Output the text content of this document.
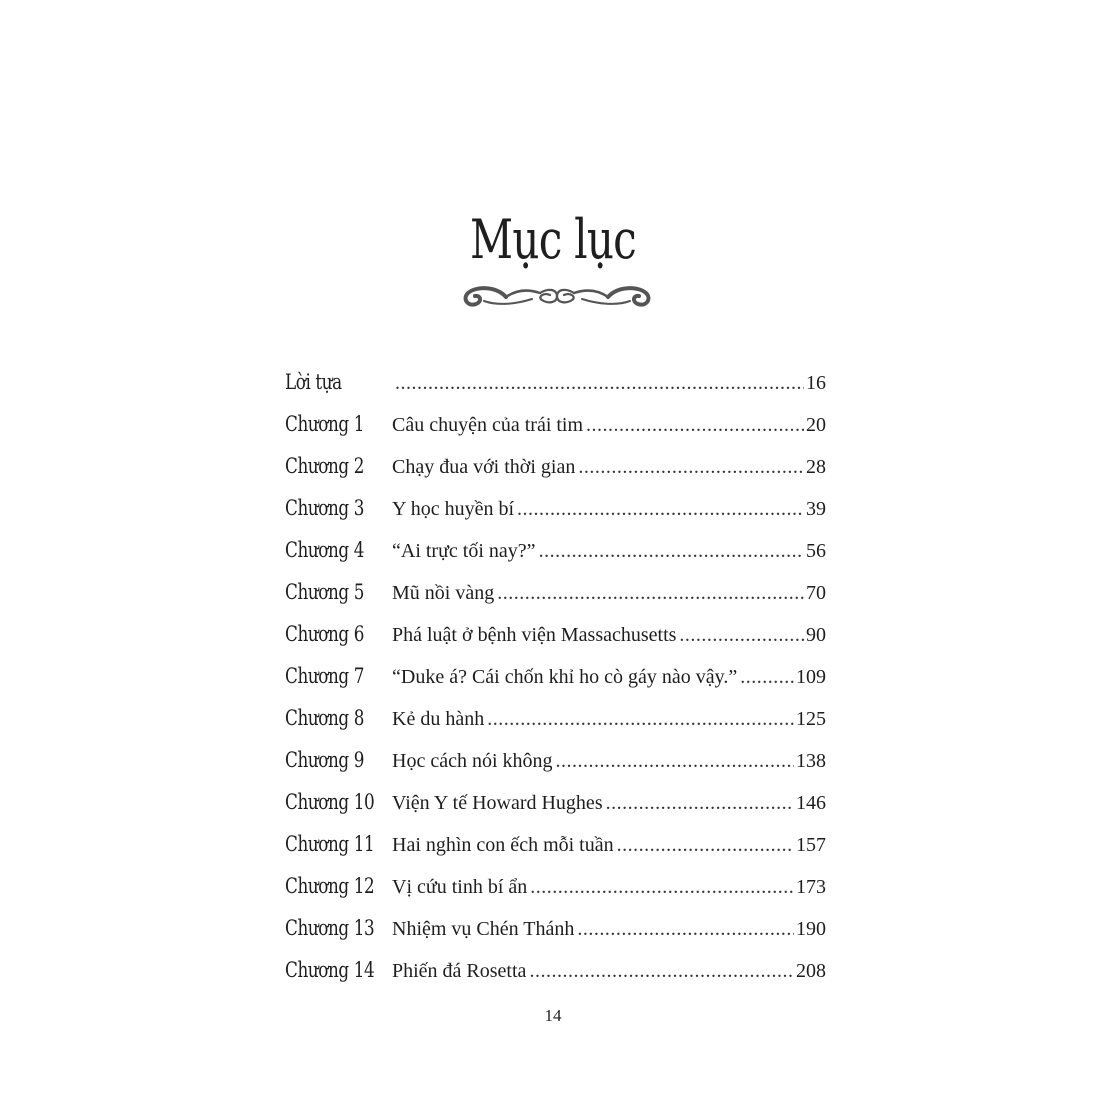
Mục lục
Lời tựa .....	16
Chương 1	Câu chuyện của trái tim .....	20
Chương 2	Chạy đua với thời gian .....	28
Chương 3	Y học huyền bí .....	39
Chương 4	“Ai trực tối nay?” .....	56
Chương 5	Mũ nồi vàng .....	70
Chương 6	Phá luật ở bệnh viện Massachusetts .....	90
Chương 7	“Duke á? Cái chốn khỉ ho cò gáy nào vậy.” .....	109
Chương 8	Kẻ du hành .....	125
Chương 9	Học cách nói không .....	138
Chương 10 Viện Y tế Howard Hughes .....	146
Chương 11 Hai nghìn con ếch mỗi tuần .....	157
Chương 12 Vị cứu tinh bí ẩn .....	173
Chương 13 Nhiệm vụ Chén Thánh .....	190
Chương 14 Phiến đá Rosetta .....	208
14
